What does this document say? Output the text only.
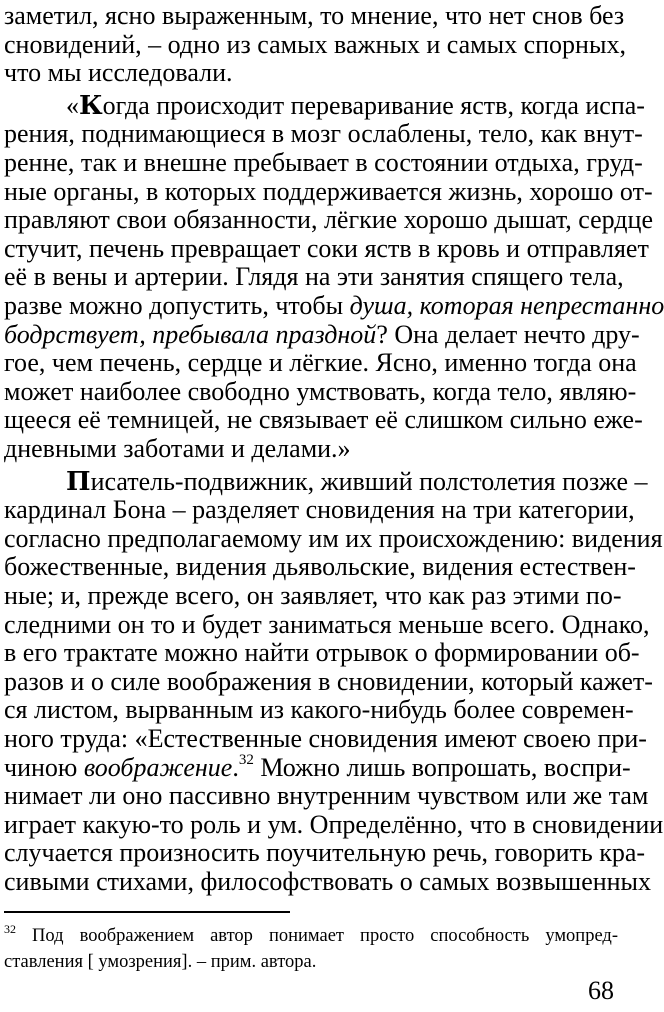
заметил, ясно выраженным, то мнение, что нет снов без
сновидений, – одно из самых важных и самых спорных,
что мы исследовали.
«Когда происходит переваривание яств, когда испа-
рения, поднимающиеся в мозг ослаблены, тело, как внут-
ренне, так и внешне пребывает в состоянии отдыха, груд-
ные органы, в которых поддерживается жизнь, хорошо от-
правляют свои обязанности, лёгкие хорошо дышат, сердце
стучит, печень превращает соки яств в кровь и отправляет
её в вены и артерии. Глядя на эти занятия спящего тела,
разве можно допустить, чтобы душа, которая непрестанно
бодрствует, пребывала праздной? Она делает нечто дру-
гое, чем печень, сердце и лёгкие. Ясно, именно тогда она
может наиболее свободно умствовать, когда тело, являю-
щееся её темницей, не связывает её слишком сильно еже-
дневными заботами и делами.»
Писатель-подвижник, живший полстолетия позже –
кардинал Бона – разделяет сновидения на три категории,
согласно предполагаемому им их происхождению: видения
божественные, видения дьявольские, видения естествен-
ные; и, прежде всего, он заявляет, что как раз этими по-
следними он то и будет заниматься меньше всего. Однако,
в его трактате можно найти отрывок о формировании об-
разов и о силе воображения в сновидении, который кажет-
ся листом, вырванным из какого-нибудь более современ-
ного труда: «Естественные сновидения имеют своею при-
чиною воображение.$^{32}$ Можно лишь вопрошать, воспри-
нимает ли оно пассивно внутренним чувством или же там
играет какую-то роль и ум. Определённо, что в сновидении
случается произносить поучительную речь, говорить кра-
сивыми стихами, философствовать о самых возвышенных
$^{32}$ Под воображением автор понимает просто способность умопред-
ставления [ умозрения]. – прим. автора.
68
